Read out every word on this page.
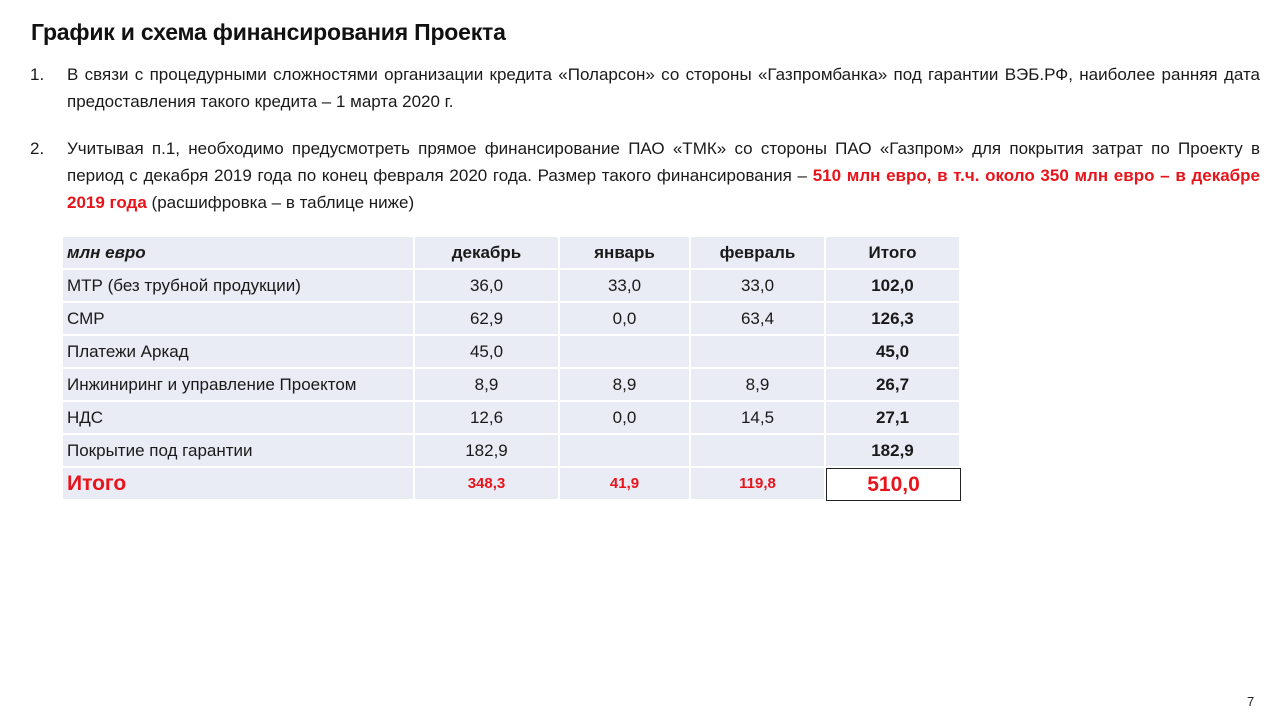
График и схема финансирования Проекта
1.	В связи с процедурными сложностями организации кредита «Поларсон» со стороны «Газпромбанка» под гарантии ВЭБ.РФ, наиболее ранняя дата предоставления такого кредита – 1 марта 2020 г.
2.	Учитывая п.1, необходимо предусмотреть прямое финансирование ПАО «ТМК» со стороны ПАО «Газпром» для покрытия затрат по Проекту в период с декабря 2019 года по конец февраля 2020 года. Размер такого финансирования – 510 млн евро, в т.ч. около 350 млн евро – в декабре 2019 года (расшифровка – в таблице ниже)
млн евро	декабрь	январь	февраль	Итого
МТР (без трубной продукции)	36,0	33,0	33,0	102,0
СМР	62,9	0,0	63,4	126,3
Платежи Аркад	45,0			45,0
Инжиниринг и управление Проектом	8,9	8,9	8,9	26,7
НДС	12,6	0,0	14,5	27,1
Покрытие под гарантии	182,9			182,9
Итого	348,3	41,9	119,8	510,0
7
